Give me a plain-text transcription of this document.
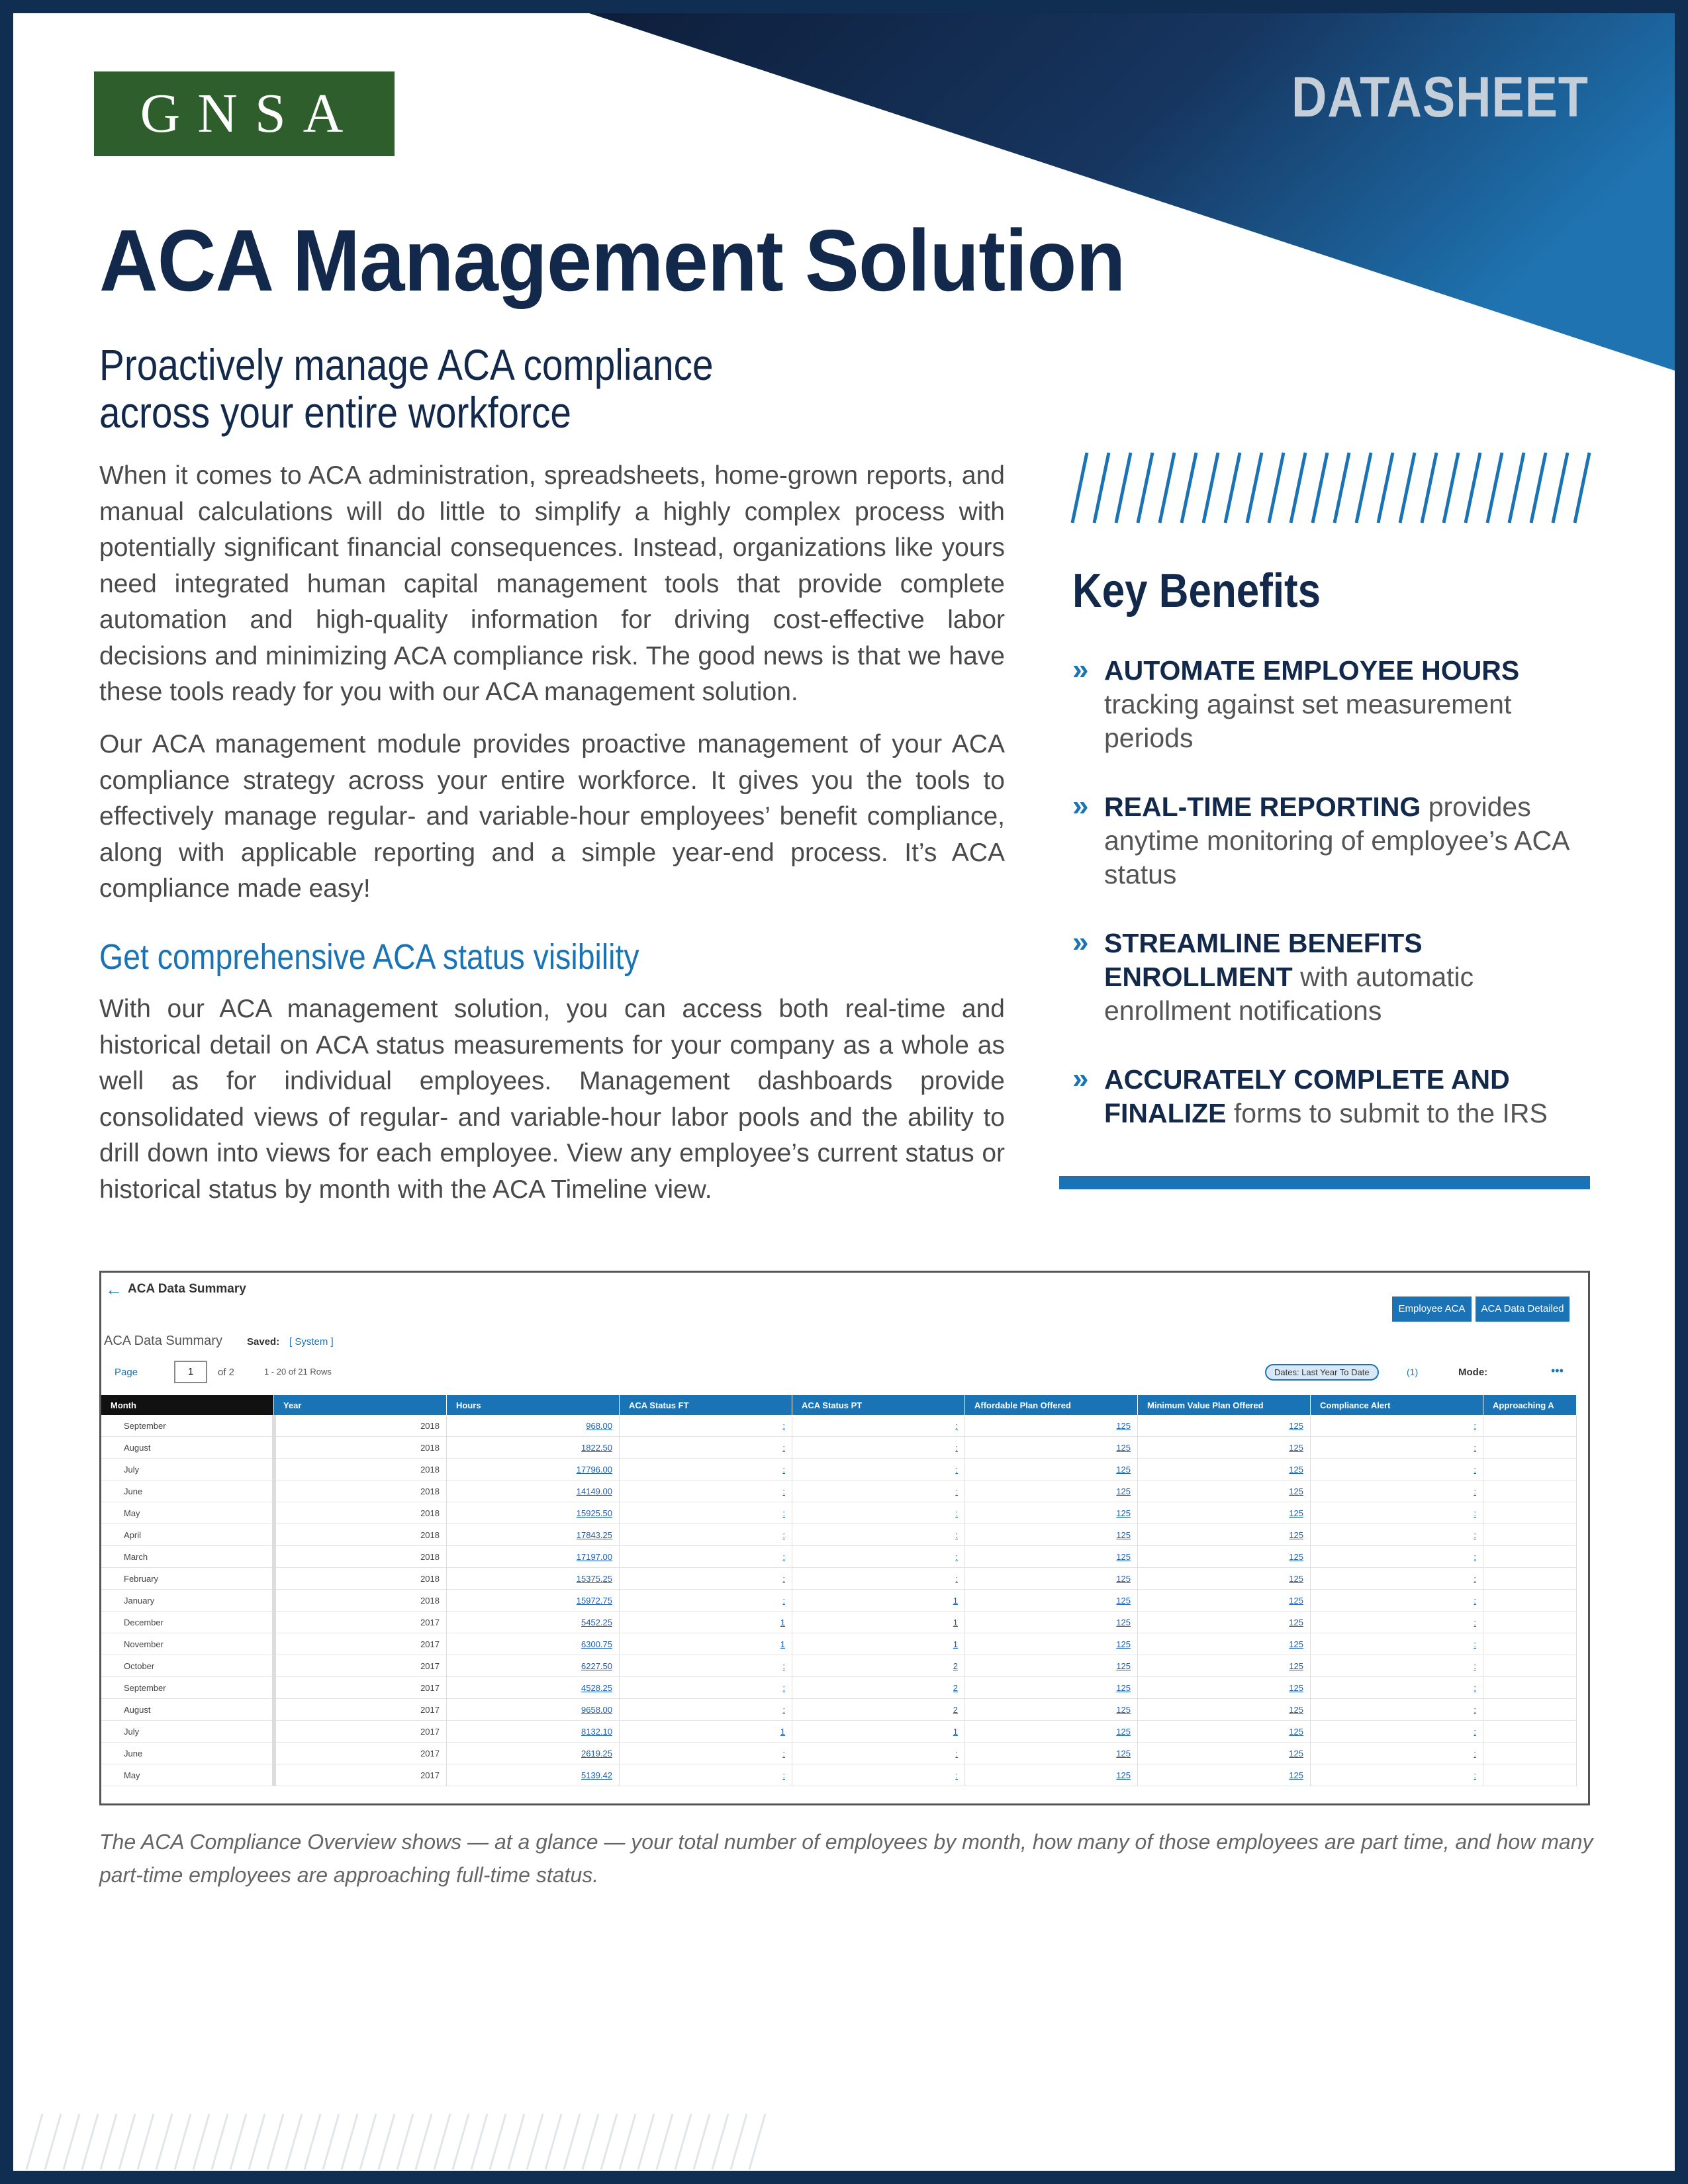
GNSA	DATASHEET
ACA Management Solution
Proactively manage ACA compliance
across your entire workforce
When it comes to ACA administration, spreadsheets, home-grown reports, and manual calculations will do little to simplify a highly complex process with potentially significant financial consequences. Instead, organizations like yours need integrated human capital management tools that provide complete automation and high-quality information for driving cost-effective labor decisions and minimizing ACA compliance risk. The good news is that we have these tools ready for you with our ACA management solution.
Our ACA management module provides proactive management of your ACA compliance strategy across your entire workforce. It gives you the tools to effectively manage regular- and variable-hour employees’ benefit compliance, along with applicable reporting and a simple year-end process. It’s ACA compliance made easy!
Get comprehensive ACA status visibility
With our ACA management solution, you can access both real-time and historical detail on ACA status measurements for your company as a whole as well as for individual employees. Management dashboards provide consolidated views of regular- and variable-hour labor pools and the ability to drill down into views for each employee. View any employee’s current status or historical status by month with the ACA Timeline view.
Key Benefits
» AUTOMATE EMPLOYEE HOURS tracking against set measurement periods
» REAL-TIME REPORTING provides anytime monitoring of employee’s ACA status
» STREAMLINE BENEFITS ENROLLMENT with automatic enrollment notifications
» ACCURATELY COMPLETE AND FINALIZE forms to submit to the IRS
← ACA Data Summary
Employee ACA	ACA Data Detailed
ACA Data Summary Saved: [ System ]
Page	1	of 2	1 - 20 of 21 Rows	Dates: Last Year To Date	(1)	Mode:	•••
Month	Year	Hours	ACA Status FT	ACA Status PT	Affordable Plan Offered	Minimum Value Plan Offered	Compliance Alert	Approaching A
September	2018	968.00	:	:	125	125	:	
August	2018	1822.50	:	:	125	125	:	
July	2018	17796.00	:	:	125	125	:	
June	2018	14149.00	:	:	125	125	:	
May	2018	15925.50	:	:	125	125	:	
April	2018	17843.25	:	:	125	125	:	
March	2018	17197.00	:	:	125	125	:	
February	2018	15375.25	:	:	125	125	:	
January	2018	15972.75	:	1	125	125	:	
December	2017	5452.25	1	1	125	125	:	
November	2017	6300.75	1	1	125	125	:	
October	2017	6227.50	:	2	125	125	:	
September	2017	4528.25	:	2	125	125	:	
August	2017	9658.00	:	2	125	125	:	
July	2017	8132.10	1	1	125	125	:	
June	2017	2619.25	:	:	125	125	:	
May	2017	5139.42	:	:	125	125	:	
The ACA Compliance Overview shows — at a glance — your total number of employees by month, how many of those employees are part time, and how many part-time employees are approaching full-time status.
